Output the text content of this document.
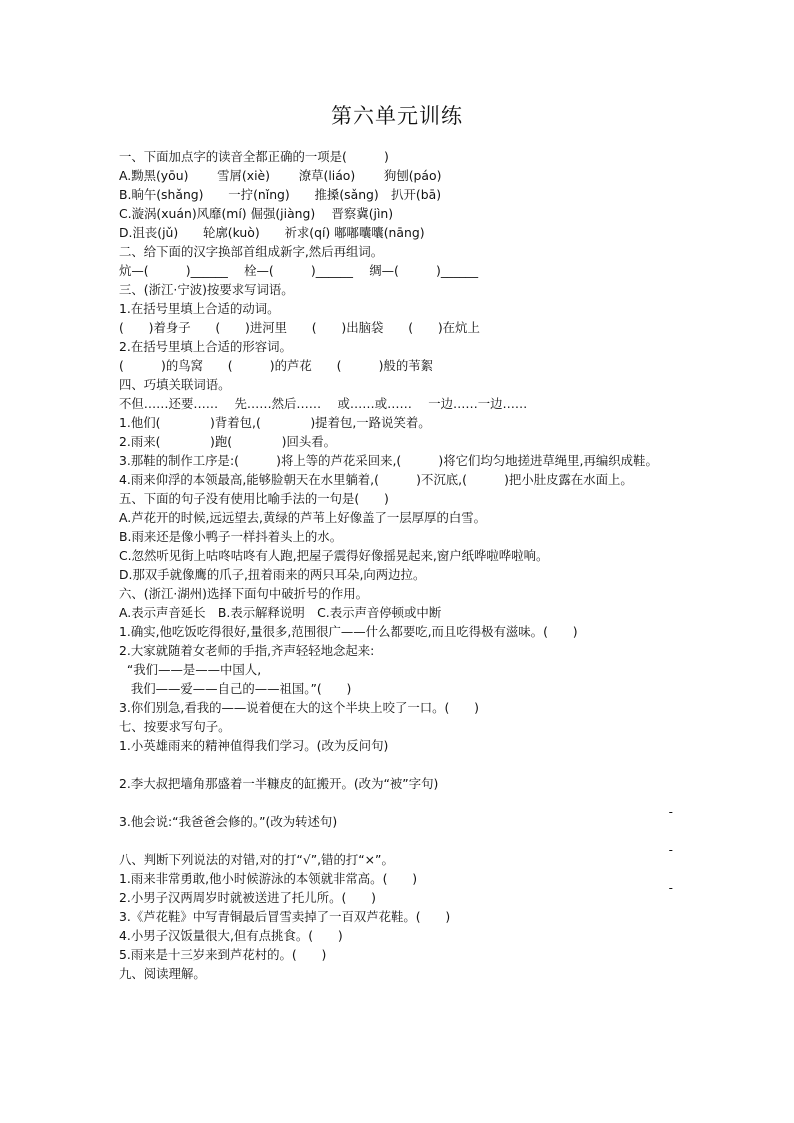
第六单元训练
一、下面加点字的读音全都正确的一项是(　　　)
A.黝黑(yōu)　　 雪屑(xiè)　　 潦草(liáo)　　 狗刨(páo)
B.晌午(shǎng)　　一拧(nǐng)　　推搡(sǎng)　扒开(bā)
C.漩涡(xuán)风靡(mí) 倔强(jiàng)　 晋察冀(jìn)
D.沮丧(jǔ)　　轮廓(kuò)　　祈求(qí) 嘟嘟囔囔(nāng)
二、给下面的汉字换部首组成新字,然后再组词。
炕—(　　　)______　 栓—(　　　)______　 绸—(　　　)______
三、(浙江·宁波)按要求写词语。
1.在括号里填上合适的动词。
(　　)着身子　　(　　)进河里　　(　　)出脑袋　　(　　)在炕上
2.在括号里填上合适的形容词。
(　　　)的鸟窝　　(　　　)的芦花　　(　　　)般的苇絮
四、巧填关联词语。
不但……还要……　 先……然后……　 或……或……　 一边……一边……
1.他们(　　　　)背着包,(　　　　)提着包,一路说笑着。
2.雨来(　　　　)跑(　　　　)回头看。
3.那鞋的制作工序是:(　　　)将上等的芦花采回来,(　　　)将它们均匀地搓进草绳里,再编织成鞋。
4.雨来仰浮的本领最高,能够脸朝天在水里躺着,(　　　)不沉底,(　　　)把小肚皮露在水面上。
五、下面的句子没有使用比喻手法的一句是(　　)
A.芦花开的时候,远远望去,黄绿的芦苇上好像盖了一层厚厚的白雪。
B.雨来还是像小鸭子一样抖着头上的水。
C.忽然听见街上咕咚咕咚有人跑,把屋子震得好像摇晃起来,窗户纸哗啦哗啦响。
D.那双手就像鹰的爪子,扭着雨来的两只耳朵,向两边拉。
六、(浙江·湖州)选择下面句中破折号的作用。
A.表示声音延长　B.表示解释说明　C.表示声音停顿或中断
1.确实,他吃饭吃得很好,量很多,范围很广——什么都要吃,而且吃得极有滋味。(　　)
2.大家就随着女老师的手指,齐声轻轻地念起来:
“我们——是——中国人,
我们——爱——自己的——祖国。”(　　)
3.你们别急,看我的——说着便在大的这个半块上咬了一口。(　　)
七、按要求写句子。
1.小英雄雨来的精神值得我们学习。(改为反问句)
2.李大叔把墙角那盛着一半糠皮的缸搬开。(改为“被”字句)
3.他会说:“我爸爸会修的。”(改为转述句)
八、判断下列说法的对错,对的打“√”,错的打“×”。
1.雨来非常勇敢,他小时候游泳的本领就非常高。(　　)
2.小男子汉两周岁时就被送进了托儿所。(　　)
3.《芦花鞋》中写青铜最后冒雪卖掉了一百双芦花鞋。(　　)
4.小男子汉饭量很大,但有点挑食。(　　)
5.雨来是十三岁来到芦花村的。(　　)
九、阅读理解。
-
-
-
